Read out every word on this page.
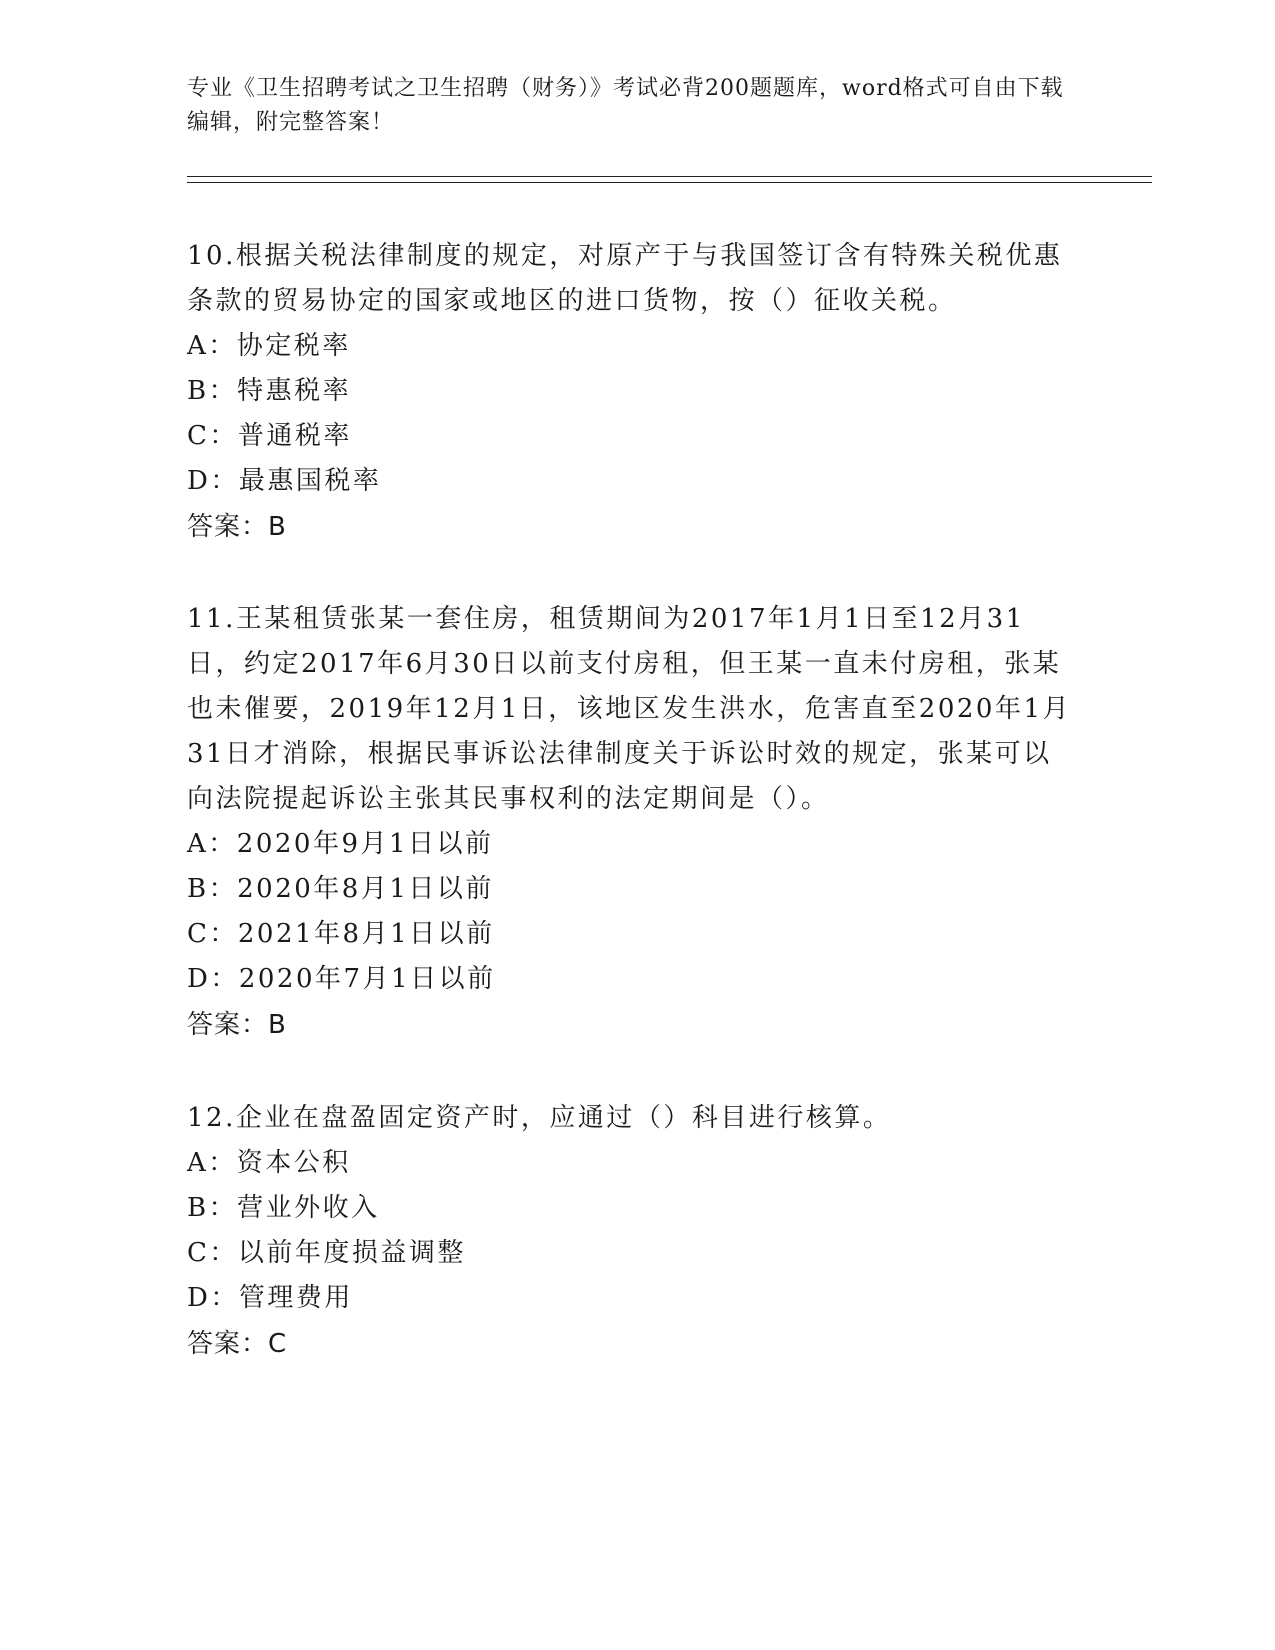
专业《卫生招聘考试之卫生招聘（财务）》考试必背200题题库，word格式可自由下载编辑，附完整答案！

10.根据关税法律制度的规定，对原产于与我国签订含有特殊关税优惠条款的贸易协定的国家或地区的进口货物，按（）征收关税。

A：协定税率

B：特惠税率

C：普通税率

D：最惠国税率

答案：B

11.王某租赁张某一套住房，租赁期间为2017年1月1日至12月31日，约定2017年6月30日以前支付房租，但王某一直未付房租，张某也未催要，2019年12月1日，该地区发生洪水，危害直至2020年1月31日才消除，根据民事诉讼法律制度关于诉讼时效的规定，张某可以向法院提起诉讼主张其民事权利的法定期间是（）。

A：2020年9月1日以前

B：2020年8月1日以前

C：2021年8月1日以前

D：2020年7月1日以前

答案：B

12.企业在盘盈固定资产时，应通过（）科目进行核算。

A：资本公积

B：营业外收入

C：以前年度损益调整

D：管理费用

答案：C
